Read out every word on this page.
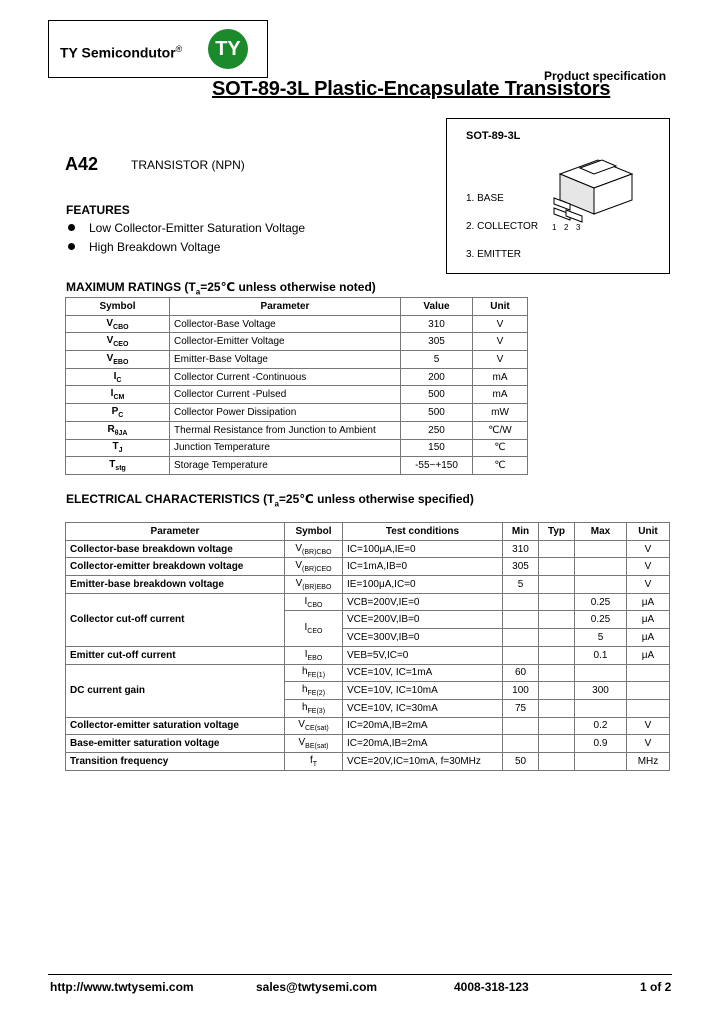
TY Semicondutor®	TY
Product specification
SOT-89-3L Plastic-Encapsulate Transistors
SOT-89-3L
1. BASE
2. COLLECTOR
3. EMITTER
1 2 3
A42	TRANSISTOR (NPN)
FEATURES
Low Collector-Emitter Saturation Voltage
High Breakdown Voltage
MAXIMUM RATINGS ($T_a=25℃$ unless otherwise noted)
Symbol	Parameter	Value	Unit
$V_{CBO}$	Collector-Base Voltage	310	V
$V_{CEO}$	Collector-Emitter Voltage	305	V
$V_{EBO}$	Emitter-Base Voltage	5	V
$I_C$	Collector Current -Continuous	200	mA
$I_{CM}$	Collector Current -Pulsed	500	mA
$P_C$	Collector Power Dissipation	500	mW
$R_{\theta JA}$	Thermal Resistance from Junction to Ambient	250	℃/W
$T_J$	Junction Temperature	150	℃
$T_{stg}$	Storage Temperature	-55~+150	℃
ELECTRICAL CHARACTERISTICS ($T_a=25℃$ unless otherwise specified)
Parameter	Symbol	Test conditions	Min	Typ	Max	Unit
Collector-base breakdown voltage	$V_{(BR)CBO}$	IC=100μA,IE=0	310			V
Collector-emitter breakdown voltage	$V_{(BR)CEO}$	IC=1mA,IB=0	305			V
Emitter-base breakdown voltage	$V_{(BR)EBO}$	IE=100μA,IC=0	5			V
Collector cut-off current	$I_{CBO}$	VCB=200V,IE=0			0.25	μA
	$I_{CEO}$	VCE=200V,IB=0			0.25	μA
		VCE=300V,IB=0			5	μA
Emitter cut-off current	$I_{EBO}$	VEB=5V,IC=0			0.1	μA
DC current gain	$h_{FE(1)}$	VCE=10V, IC=1mA	60			
	$h_{FE(2)}$	VCE=10V, IC=10mA	100		300	
	$h_{FE(3)}$	VCE=10V, IC=30mA	75			
Collector-emitter saturation voltage	$V_{CE(sat)}$	IC=20mA,IB=2mA			0.2	V
Base-emitter saturation voltage	$V_{BE(sat)}$	IC=20mA,IB=2mA			0.9	V
Transition frequency	$f_T$	VCE=20V,IC=10mA, f=30MHz	50			MHz
http://www.twtysemi.com	sales@twtysemi.com	4008-318-123	1 of 2
